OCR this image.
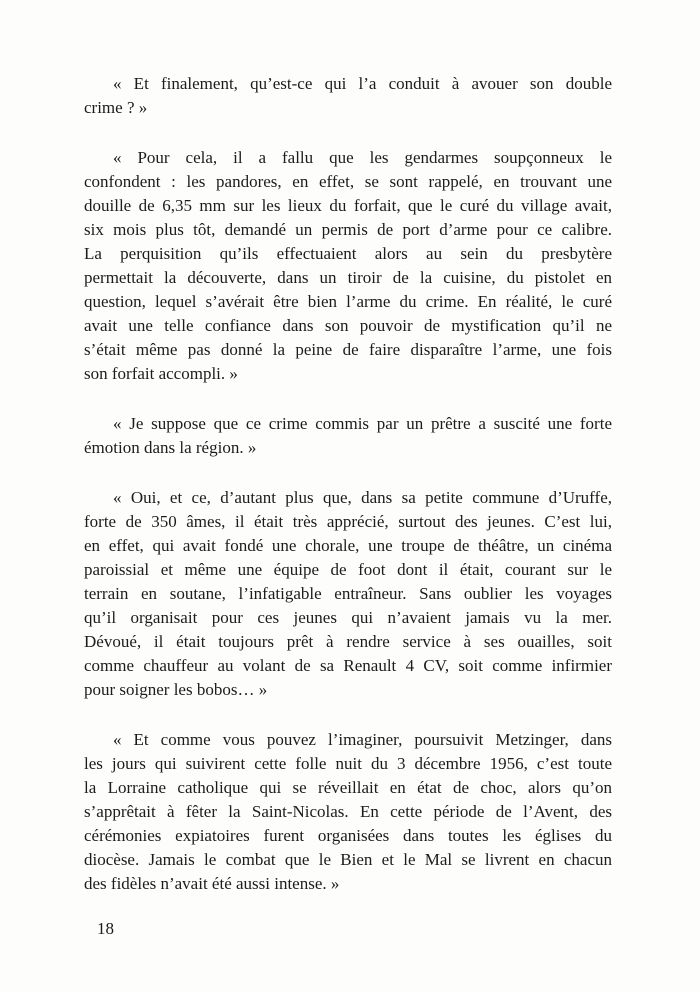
« Et finalement, qu’est-ce qui l’a conduit à avouer son double
crime ? »

« Pour cela, il a fallu que les gendarmes soupçonneux le
confondent : les pandores, en effet, se sont rappelé, en trouvant une
douille de 6,35 mm sur les lieux du forfait, que le curé du village avait,
six mois plus tôt, demandé un permis de port d’arme pour ce calibre.
La perquisition qu’ils effectuaient alors au sein du presbytère
permettait la découverte, dans un tiroir de la cuisine, du pistolet en
question, lequel s’avérait être bien l’arme du crime. En réalité, le curé
avait une telle confiance dans son pouvoir de mystification qu’il ne
s’était même pas donné la peine de faire disparaître l’arme, une fois
son forfait accompli. »

« Je suppose que ce crime commis par un prêtre a suscité une forte
émotion dans la région. »

« Oui, et ce, d’autant plus que, dans sa petite commune d’Uruffe,
forte de 350 âmes, il était très apprécié, surtout des jeunes. C’est lui,
en effet, qui avait fondé une chorale, une troupe de théâtre, un cinéma
paroissial et même une équipe de foot dont il était, courant sur le
terrain en soutane, l’infatigable entraîneur. Sans oublier les voyages
qu’il organisait pour ces jeunes qui n’avaient jamais vu la mer.
Dévoué, il était toujours prêt à rendre service à ses ouailles, soit
comme chauffeur au volant de sa Renault 4 CV, soit comme infirmier
pour soigner les bobos… »

« Et comme vous pouvez l’imaginer, poursuivit Metzinger, dans
les jours qui suivirent cette folle nuit du 3 décembre 1956, c’est toute
la Lorraine catholique qui se réveillait en état de choc, alors qu’on
s’apprêtait à fêter la Saint-Nicolas. En cette période de l’Avent, des
cérémonies expiatoires furent organisées dans toutes les églises du
diocèse. Jamais le combat que le Bien et le Mal se livrent en chacun
des fidèles n’avait été aussi intense. »

18
